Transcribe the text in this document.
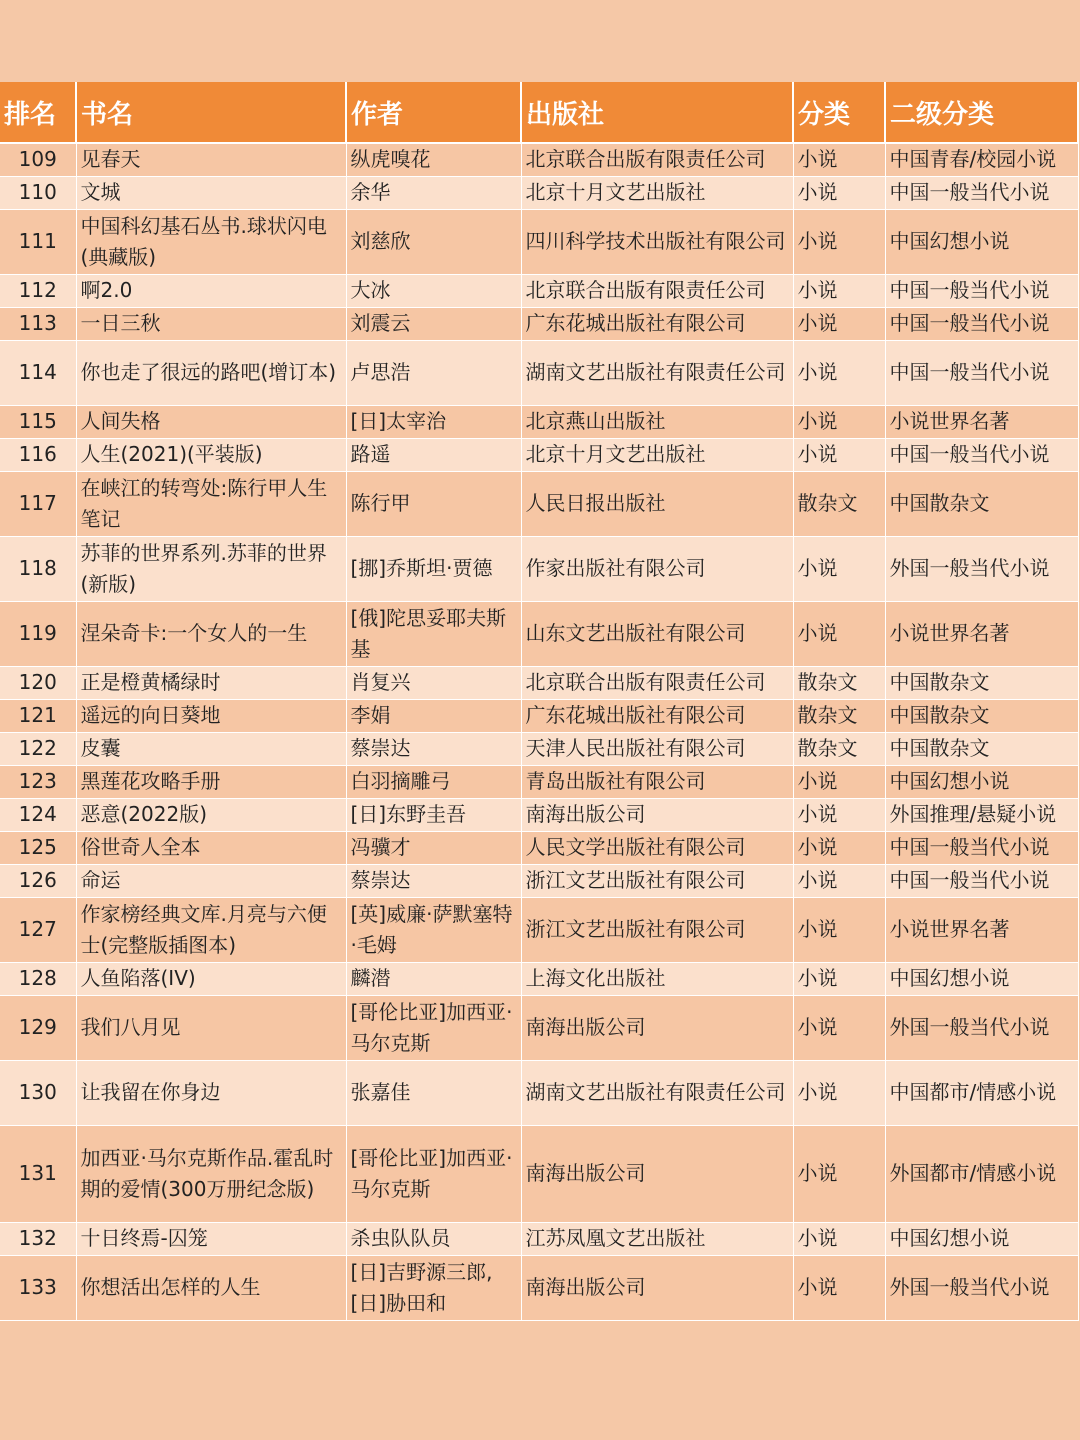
排名	书名	作者	出版社	分类	二级分类
109	见春天	纵虎嗅花	北京联合出版有限责任公司	小说	中国青春/校园小说
110	文城	余华	北京十月文艺出版社	小说	中国一般当代小说
111	中国科幻基石丛书.球状闪电(典藏版)	刘慈欣	四川科学技术出版社有限公司	小说	中国幻想小说
112	啊2.0	大冰	北京联合出版有限责任公司	小说	中国一般当代小说
113	一日三秋	刘震云	广东花城出版社有限公司	小说	中国一般当代小说
114	你也走了很远的路吧(增订本)	卢思浩	湖南文艺出版社有限责任公司	小说	中国一般当代小说
115	人间失格	[日]太宰治	北京燕山出版社	小说	小说世界名著
116	人生(2021)(平装版)	路遥	北京十月文艺出版社	小说	中国一般当代小说
117	在峡江的转弯处:陈行甲人生笔记	陈行甲	人民日报出版社	散杂文	中国散杂文
118	苏菲的世界系列.苏菲的世界(新版)	[挪]乔斯坦·贾德	作家出版社有限公司	小说	外国一般当代小说
119	涅朵奇卡:一个女人的一生	[俄]陀思妥耶夫斯基	山东文艺出版社有限公司	小说	小说世界名著
120	正是橙黄橘绿时	肖复兴	北京联合出版有限责任公司	散杂文	中国散杂文
121	遥远的向日葵地	李娟	广东花城出版社有限公司	散杂文	中国散杂文
122	皮囊	蔡崇达	天津人民出版社有限公司	散杂文	中国散杂文
123	黑莲花攻略手册	白羽摘雕弓	青岛出版社有限公司	小说	中国幻想小说
124	恶意(2022版)	[日]东野圭吾	南海出版公司	小说	外国推理/悬疑小说
125	俗世奇人全本	冯骥才	人民文学出版社有限公司	小说	中国一般当代小说
126	命运	蔡崇达	浙江文艺出版社有限公司	小说	中国一般当代小说
127	作家榜经典文库.月亮与六便士(完整版插图本)	[英]威廉·萨默塞特·毛姆	浙江文艺出版社有限公司	小说	小说世界名著
128	人鱼陷落(IV)	麟潜	上海文化出版社	小说	中国幻想小说
129	我们八月见	[哥伦比亚]加西亚·马尔克斯	南海出版公司	小说	外国一般当代小说
130	让我留在你身边	张嘉佳	湖南文艺出版社有限责任公司	小说	中国都市/情感小说
131	加西亚·马尔克斯作品.霍乱时期的爱情(300万册纪念版)	[哥伦比亚]加西亚·马尔克斯	南海出版公司	小说	外国都市/情感小说
132	十日终焉-囚笼	杀虫队队员	江苏凤凰文艺出版社	小说	中国幻想小说
133	你想活出怎样的人生	[日]吉野源三郎,[日]胁田和	南海出版公司	小说	外国一般当代小说
